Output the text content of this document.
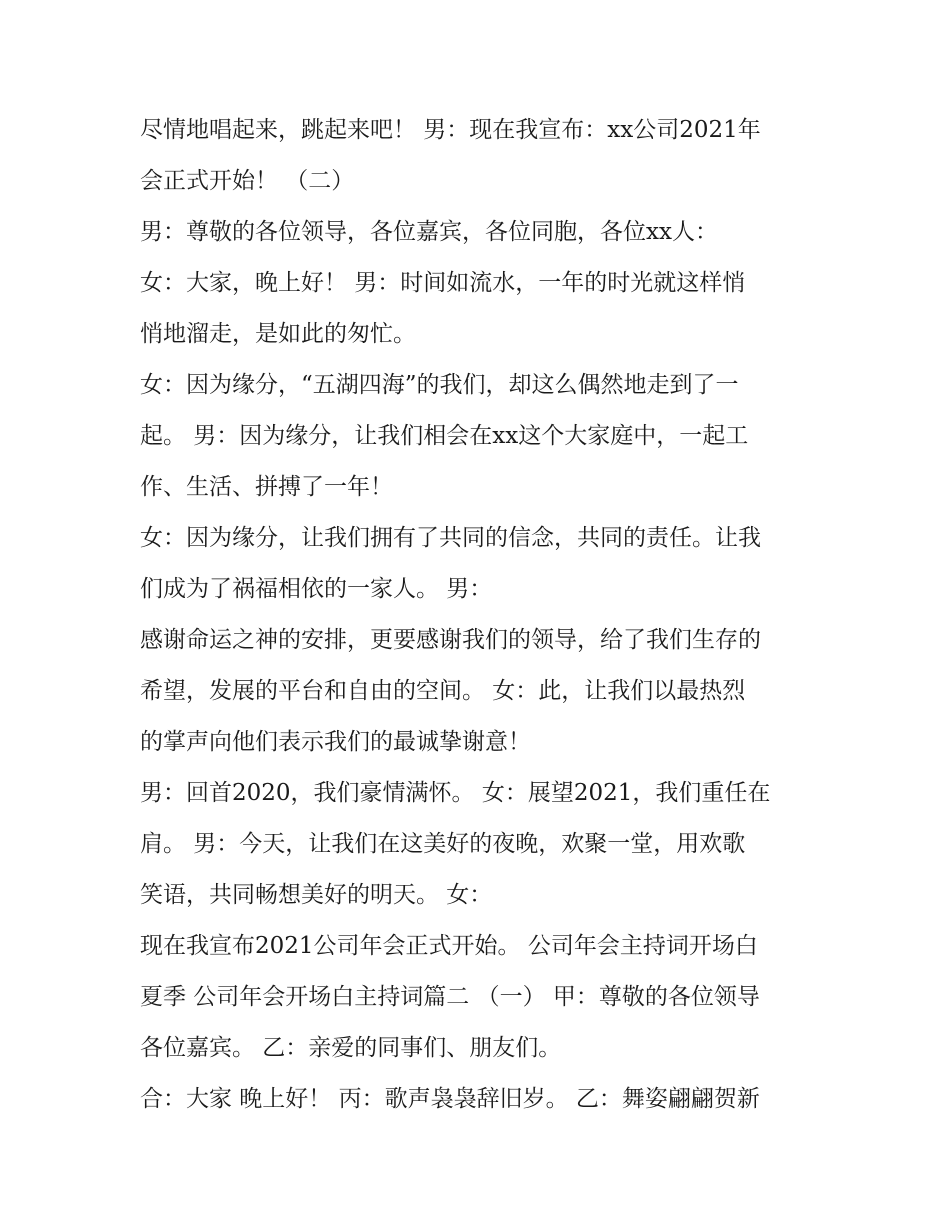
尽情地唱起来，跳起来吧！ 男：现在我宣布：xx公司2021年
会正式开始！ （二）
男：尊敬的各位领导，各位嘉宾，各位同胞，各位xx人：
女：大家，晚上好！ 男：时间如流水，一年的时光就这样悄
悄地溜走，是如此的匆忙。
女：因为缘分，“五湖四海”的我们，却这么偶然地走到了一
起。 男：因为缘分，让我们相会在xx这个大家庭中，一起工
作、生活、拼搏了一年！
女：因为缘分，让我们拥有了共同的信念，共同的责任。让我
们成为了祸福相依的一家人。 男：
感谢命运之神的安排，更要感谢我们的领导，给了我们生存的
希望，发展的平台和自由的空间。 女：此，让我们以最热烈
的掌声向他们表示我们的最诚挚谢意！
男：回首2020，我们豪情满怀。 女：展望2021，我们重任在
肩。 男：今天，让我们在这美好的夜晚，欢聚一堂，用欢歌
笑语，共同畅想美好的明天。 女：
现在我宣布2021公司年会正式开始。 公司年会主持词开场白
夏季 公司年会开场白主持词篇二 （一） 甲：尊敬的各位领导
各位嘉宾。 乙：亲爱的同事们、朋友们。
合：大家 晚上好！ 丙：歌声袅袅辞旧岁。 乙：舞姿翩翩贺新
